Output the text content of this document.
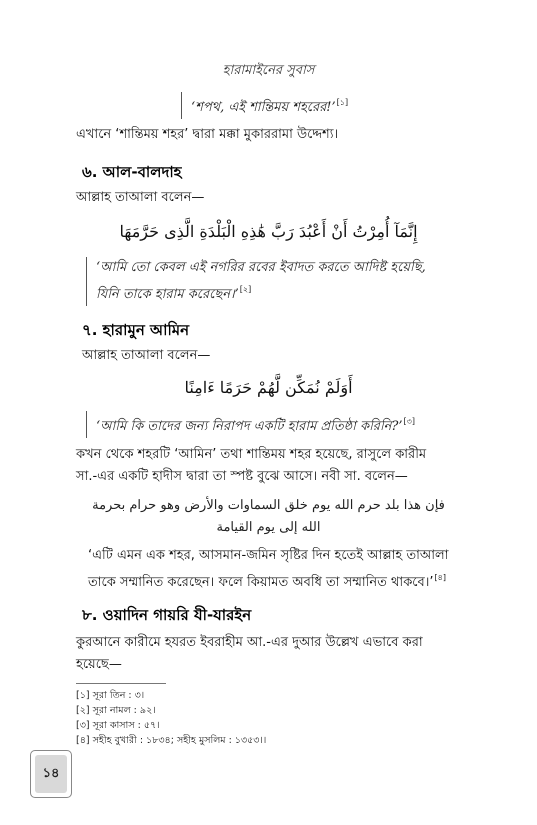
হারামাইনের সুবাস
‘শপথ, এই শান্তিময় শহরের!’[১]
এখানে ‘শান্তিময় শহর’ দ্বারা মক্কা মুকাররামা উদ্দেশ্য।
৬. আল-বালদাহ
আল্লাহ তাআলা বলেন—
إِنَّمَآ أُمِرْتُ أَنْ أَعْبُدَ رَبَّ هَٰذِهِ الْبَلْدَةِ الَّذِى حَرَّمَهَا
‘আমি তো কেবল এই নগরির রবের ইবাদত করতে আদিষ্ট হয়েছি,
যিনি তাকে হারাম করেছেন।’[২]
৭. হারামুন আমিন
আল্লাহ তাআলা বলেন—
أَوَلَمْ نُمَكِّن لَّهُمْ حَرَمًا ءَامِنًا
‘আমি কি তাদের জন্য নিরাপদ একটি হারাম প্রতিষ্ঠা করিনি?’[৩]
কখন থেকে শহরটি ‘আমিন’ তথা শান্তিময় শহর হয়েছে, রাসুলে কারীম
সা.-এর একটি হাদীস দ্বারা তা স্পষ্ট বুঝে আসে। নবী সা. বলেন—
فإن هذا بلد حرم الله يوم خلق السماوات والأرض وهو حرام بحرمة
الله إلى يوم القيامة
‘এটি এমন এক শহর, আসমান-জমিন সৃষ্টির দিন হতেই আল্লাহ তাআলা
তাকে সম্মানিত করেছেন। ফলে কিয়ামত অবধি তা সম্মানিত থাকবে।’[৪]
৮. ওয়াদিন গায়রি যী-যারইন
কুরআনে কারীমে হযরত ইবরাহীম আ.-এর দুআর উল্লেখ এভাবে করা
হয়েছে—
[১] সূরা তিন : ৩।
[২] সূরা নামল : ৯২।
[৩] সূরা কাসাস : ৫৭।
[৪] সহীহ বুখারী : ১৮৩৪; সহীহ মুসলিম : ১৩৫৩।।
১৪
